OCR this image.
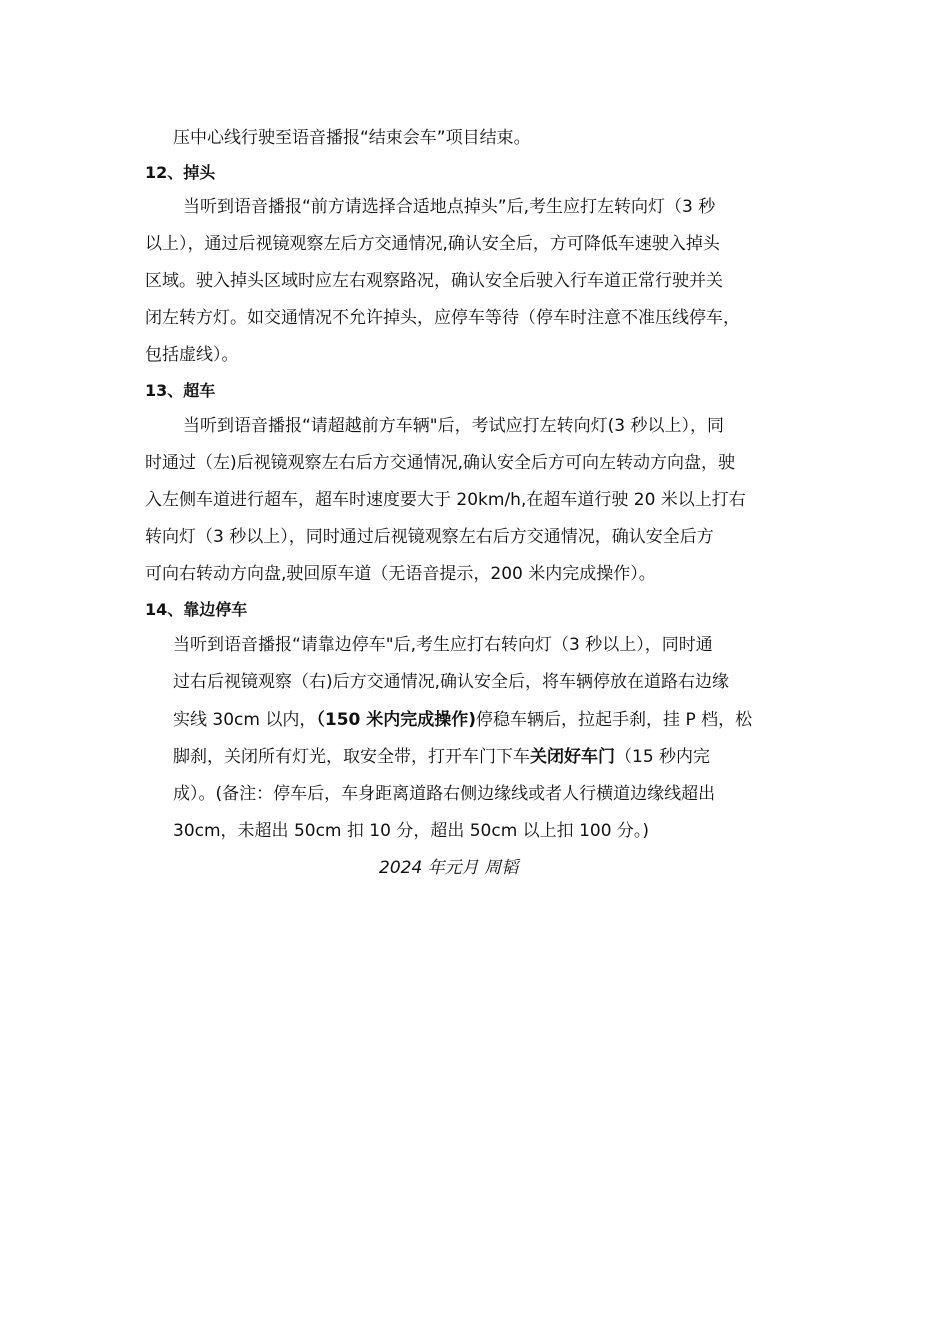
压中心线行驶至语音播报“结束会车”项目结束。
12、掉头
当听到语音播报“前方请选择合适地点掉头”后,考生应打左转向灯（3 秒
以上），通过后视镜观察左后方交通情况,确认安全后，方可降低车速驶入掉头
区域。驶入掉头区域时应左右观察路况，确认安全后驶入行车道正常行驶并关
闭左转方灯。如交通情况不允许掉头，应停车等待（停车时注意不准压线停车，
包括虚线）。
13、超车
当听到语音播报“请超越前方车辆"后，考试应打左转向灯(3 秒以上），同
时通过（左)后视镜观察左右后方交通情况,确认安全后方可向左转动方向盘，驶
入左侧车道进行超车，超车时速度要大于 20km/h,在超车道行驶 20 米以上打右
转向灯（3 秒以上），同时通过后视镜观察左右后方交通情况，确认安全后方
可向右转动方向盘,驶回原车道（无语音提示，200 米内完成操作）。
14、靠边停车
当听到语音播报“请靠边停车"后,考生应打右转向灯（3 秒以上），同时通
过右后视镜观察（右)后方交通情况,确认安全后，将车辆停放在道路右边缘
实线 30cm 以内，（150 米内完成操作)停稳车辆后，拉起手刹，挂 P 档，松
脚刹，关闭所有灯光，取安全带，打开车门下车关闭好车门（15 秒内完
成）。(备注：停车后，车身距离道路右侧边缘线或者人行横道边缘线超出
30cm，未超出 50cm 扣 10 分，超出 50cm 以上扣 100 分。)
2024 年元月 周韬
